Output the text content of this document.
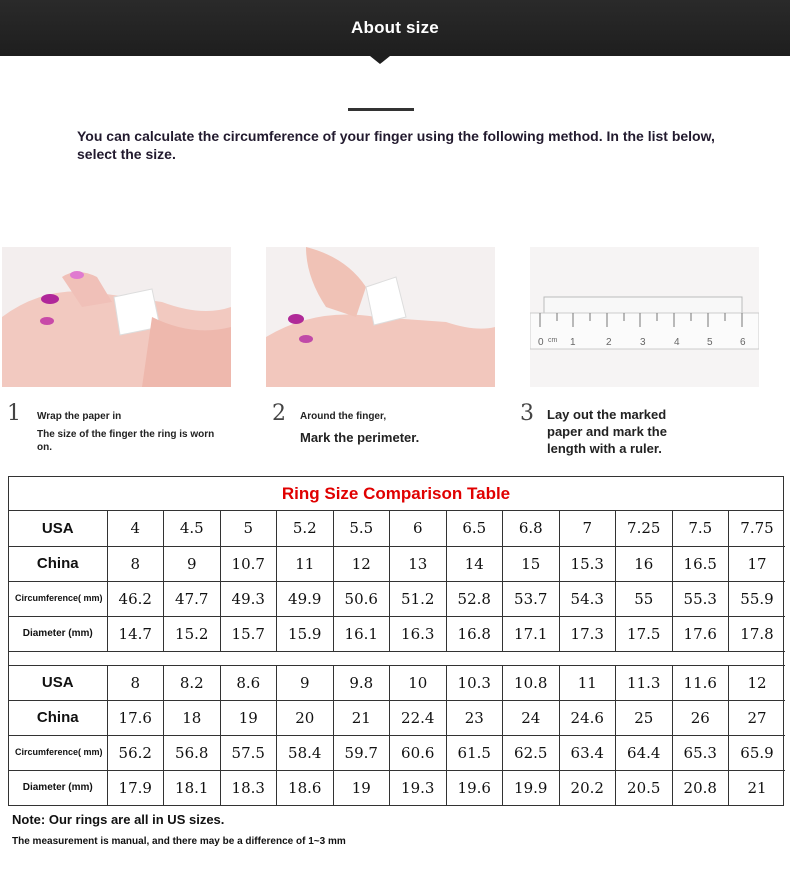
About size

You can calculate the circumference of your finger using the following method. In the list below, select the size.

0 cm 1	2	3	4	5	6
1	Wrap the paper in
The size of the finger the ring is worn on.
2	Around the finger,
Mark the perimeter.
3	Lay out the marked paper and mark the length with a ruler.
Ring Size Comparison Table
USA	4	4.5	5	5.2	5.5	6	6.5	6.8	7	7.25	7.5	7.75
China	8	9	10.7	11	12	13	14	15	15.3	16	16.5	17
Circumference( mm)	46.2	47.7	49.3	49.9	50.6	51.2	52.8	53.7	54.3	55	55.3	55.9
Diameter (mm)	14.7	15.2	15.7	15.9	16.1	16.3	16.8	17.1	17.3	17.5	17.6	17.8

USA	8	8.2	8.6	9	9.8	10	10.3	10.8	11	11.3	11.6	12
China	17.6	18	19	20	21	22.4	23	24	24.6	25	26	27
Circumference( mm)	56.2	56.8	57.5	58.4	59.7	60.6	61.5	62.5	63.4	64.4	65.3	65.9
Diameter (mm)	17.9	18.1	18.3	18.6	19	19.3	19.6	19.9	20.2	20.5	20.8	21
Note: Our rings are all in US sizes.
The measurement is manual, and there may be a difference of 1~3 mm
